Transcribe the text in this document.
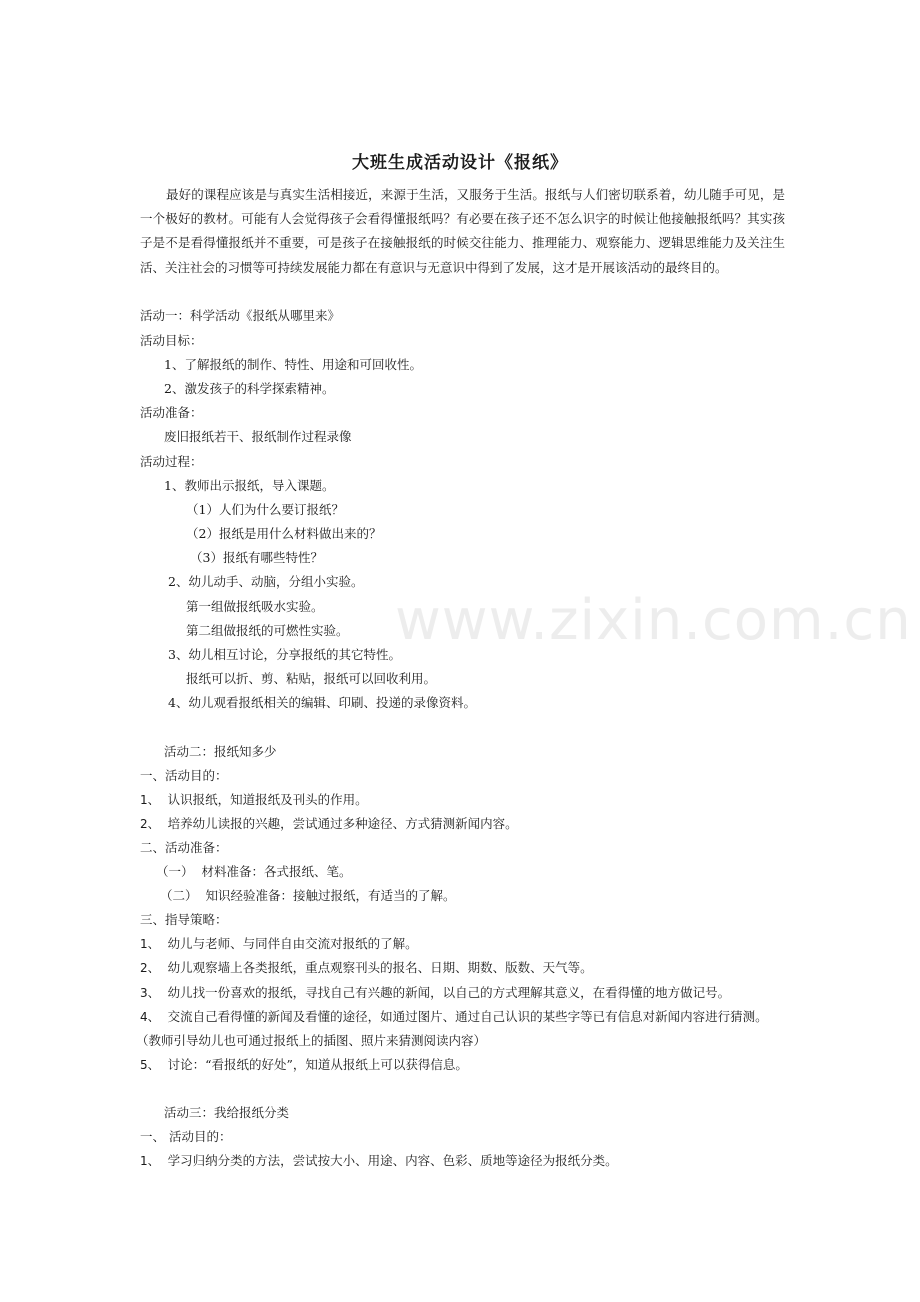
www.zixin.com.cn
大班生成活动设计《报纸》
最好的课程应该是与真实生活相接近，来源于生活，又服务于生活。报纸与人们密切联系着，幼儿随手可见，是一个极好的教材。可能有人会觉得孩子会看得懂报纸吗？有必要在孩子还不怎么识字的时候让他接触报纸吗？其实孩子是不是看得懂报纸并不重要，可是孩子在接触报纸的时候交往能力、推理能力、观察能力、逻辑思维能力及关注生活、关注社会的习惯等可持续发展能力都在有意识与无意识中得到了发展，这才是开展该活动的最终目的。
活动一：科学活动《报纸从哪里来》
活动目标：
1、了解报纸的制作、特性、用途和可回收性。
2、激发孩子的科学探索精神。
活动准备：
废旧报纸若干、报纸制作过程录像
活动过程：
1、教师出示报纸，导入课题。
（1）人们为什么要订报纸？
（2）报纸是用什么材料做出来的？
（3）报纸有哪些特性？
2、幼儿动手、动脑，分组小实验。
第一组做报纸吸水实验。
第二组做报纸的可燃性实验。
3、幼儿相互讨论，分享报纸的其它特性。
报纸可以折、剪、粘贴，报纸可以回收利用。
4、幼儿观看报纸相关的编辑、印刷、投递的录像资料。
活动二：报纸知多少
一、活动目的：
1、 认识报纸，知道报纸及刊头的作用。
2、 培养幼儿读报的兴趣，尝试通过多种途径、方式猜测新闻内容。
二、活动准备：
（一） 材料准备：各式报纸、笔。
（二） 知识经验准备：接触过报纸，有适当的了解。
三、指导策略：
1、 幼儿与老师、与同伴自由交流对报纸的了解。
2、 幼儿观察墙上各类报纸，重点观察刊头的报名、日期、期数、版数、天气等。
3、 幼儿找一份喜欢的报纸，寻找自己有兴趣的新闻，以自己的方式理解其意义，在看得懂的地方做记号。
4、 交流自己看得懂的新闻及看懂的途径，如通过图片、通过自己认识的某些字等已有信息对新闻内容进行猜测。
（教师引导幼儿也可通过报纸上的插图、照片来猜测阅读内容）
5、 讨论：“看报纸的好处”，知道从报纸上可以获得信息。
活动三：我给报纸分类
一、 活动目的：
1、 学习归纳分类的方法，尝试按大小、用途、内容、色彩、质地等途径为报纸分类。
